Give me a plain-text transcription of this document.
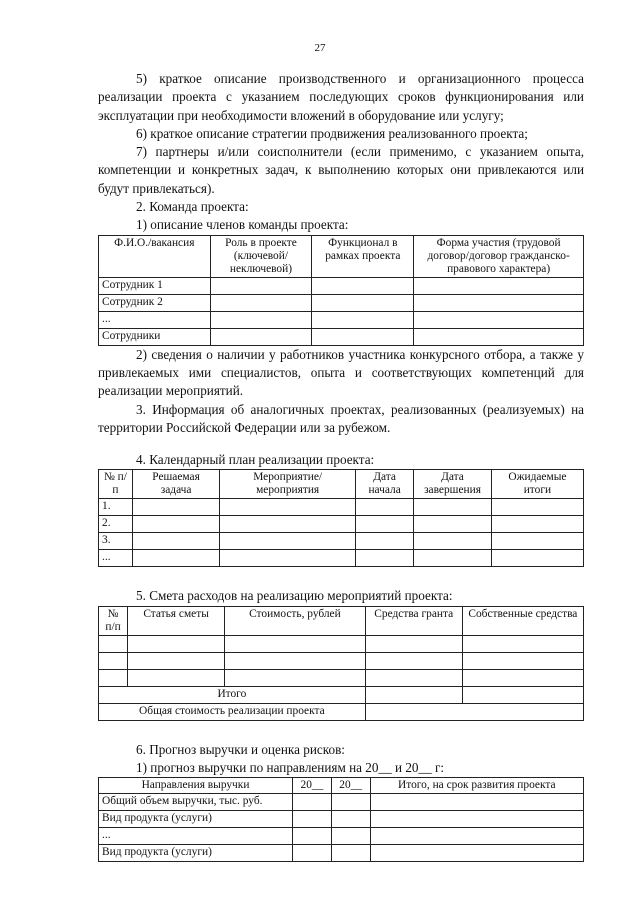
27

5) краткое описание производственного и организационного процесса реализации проекта с указанием последующих сроков функционирования или эксплуатации при необходимости вложений в оборудование или услугу;

6) краткое описание стратегии продвижения реализованного проекта;

7) партнеры и/или соисполнители (если применимо, с указанием опыта, компетенции и конкретных задач, к выполнению которых они привлекаются или будут привлекаться).

2. Команда проекта:

1) описание членов команды проекта:

Ф.И.О./вакансия	Роль в проекте (ключевой/ неключевой)	Функционал в рамках проекта	Форма участия (трудовой договор/договор гражданско-правового характера)
Сотрудник 1			
Сотрудник 2			
...			
Сотрудники			

2) сведения о наличии у работников участника конкурсного отбора, а также у привлекаемых ими специалистов, опыта и соответствующих компетенций для реализации мероприятий.

3. Информация об аналогичных проектах, реализованных (реализуемых) на территории Российской Федерации или за рубежом.

4. Календарный план реализации проекта:

№ п/п	Решаемая задача	Мероприятие/ мероприятия	Дата начала	Дата завершения	Ожидаемые итоги
1.					
2.					
3.					
...					

5. Смета расходов на реализацию мероприятий проекта:

№ п/п	Статья сметы	Стоимость, рублей	Средства гранта	Собственные средства

Итого				
Общая стоимость реализации проекта				

6. Прогноз выручки и оценка рисков:

1) прогноз выручки по направлениям на 20__ и 20__ г:

Направления выручки	20__	20__	Итого, на срок развития проекта
Общий объем выручки, тыс. руб.			
Вид продукта (услуги)			
...			
Вид продукта (услуги)			
